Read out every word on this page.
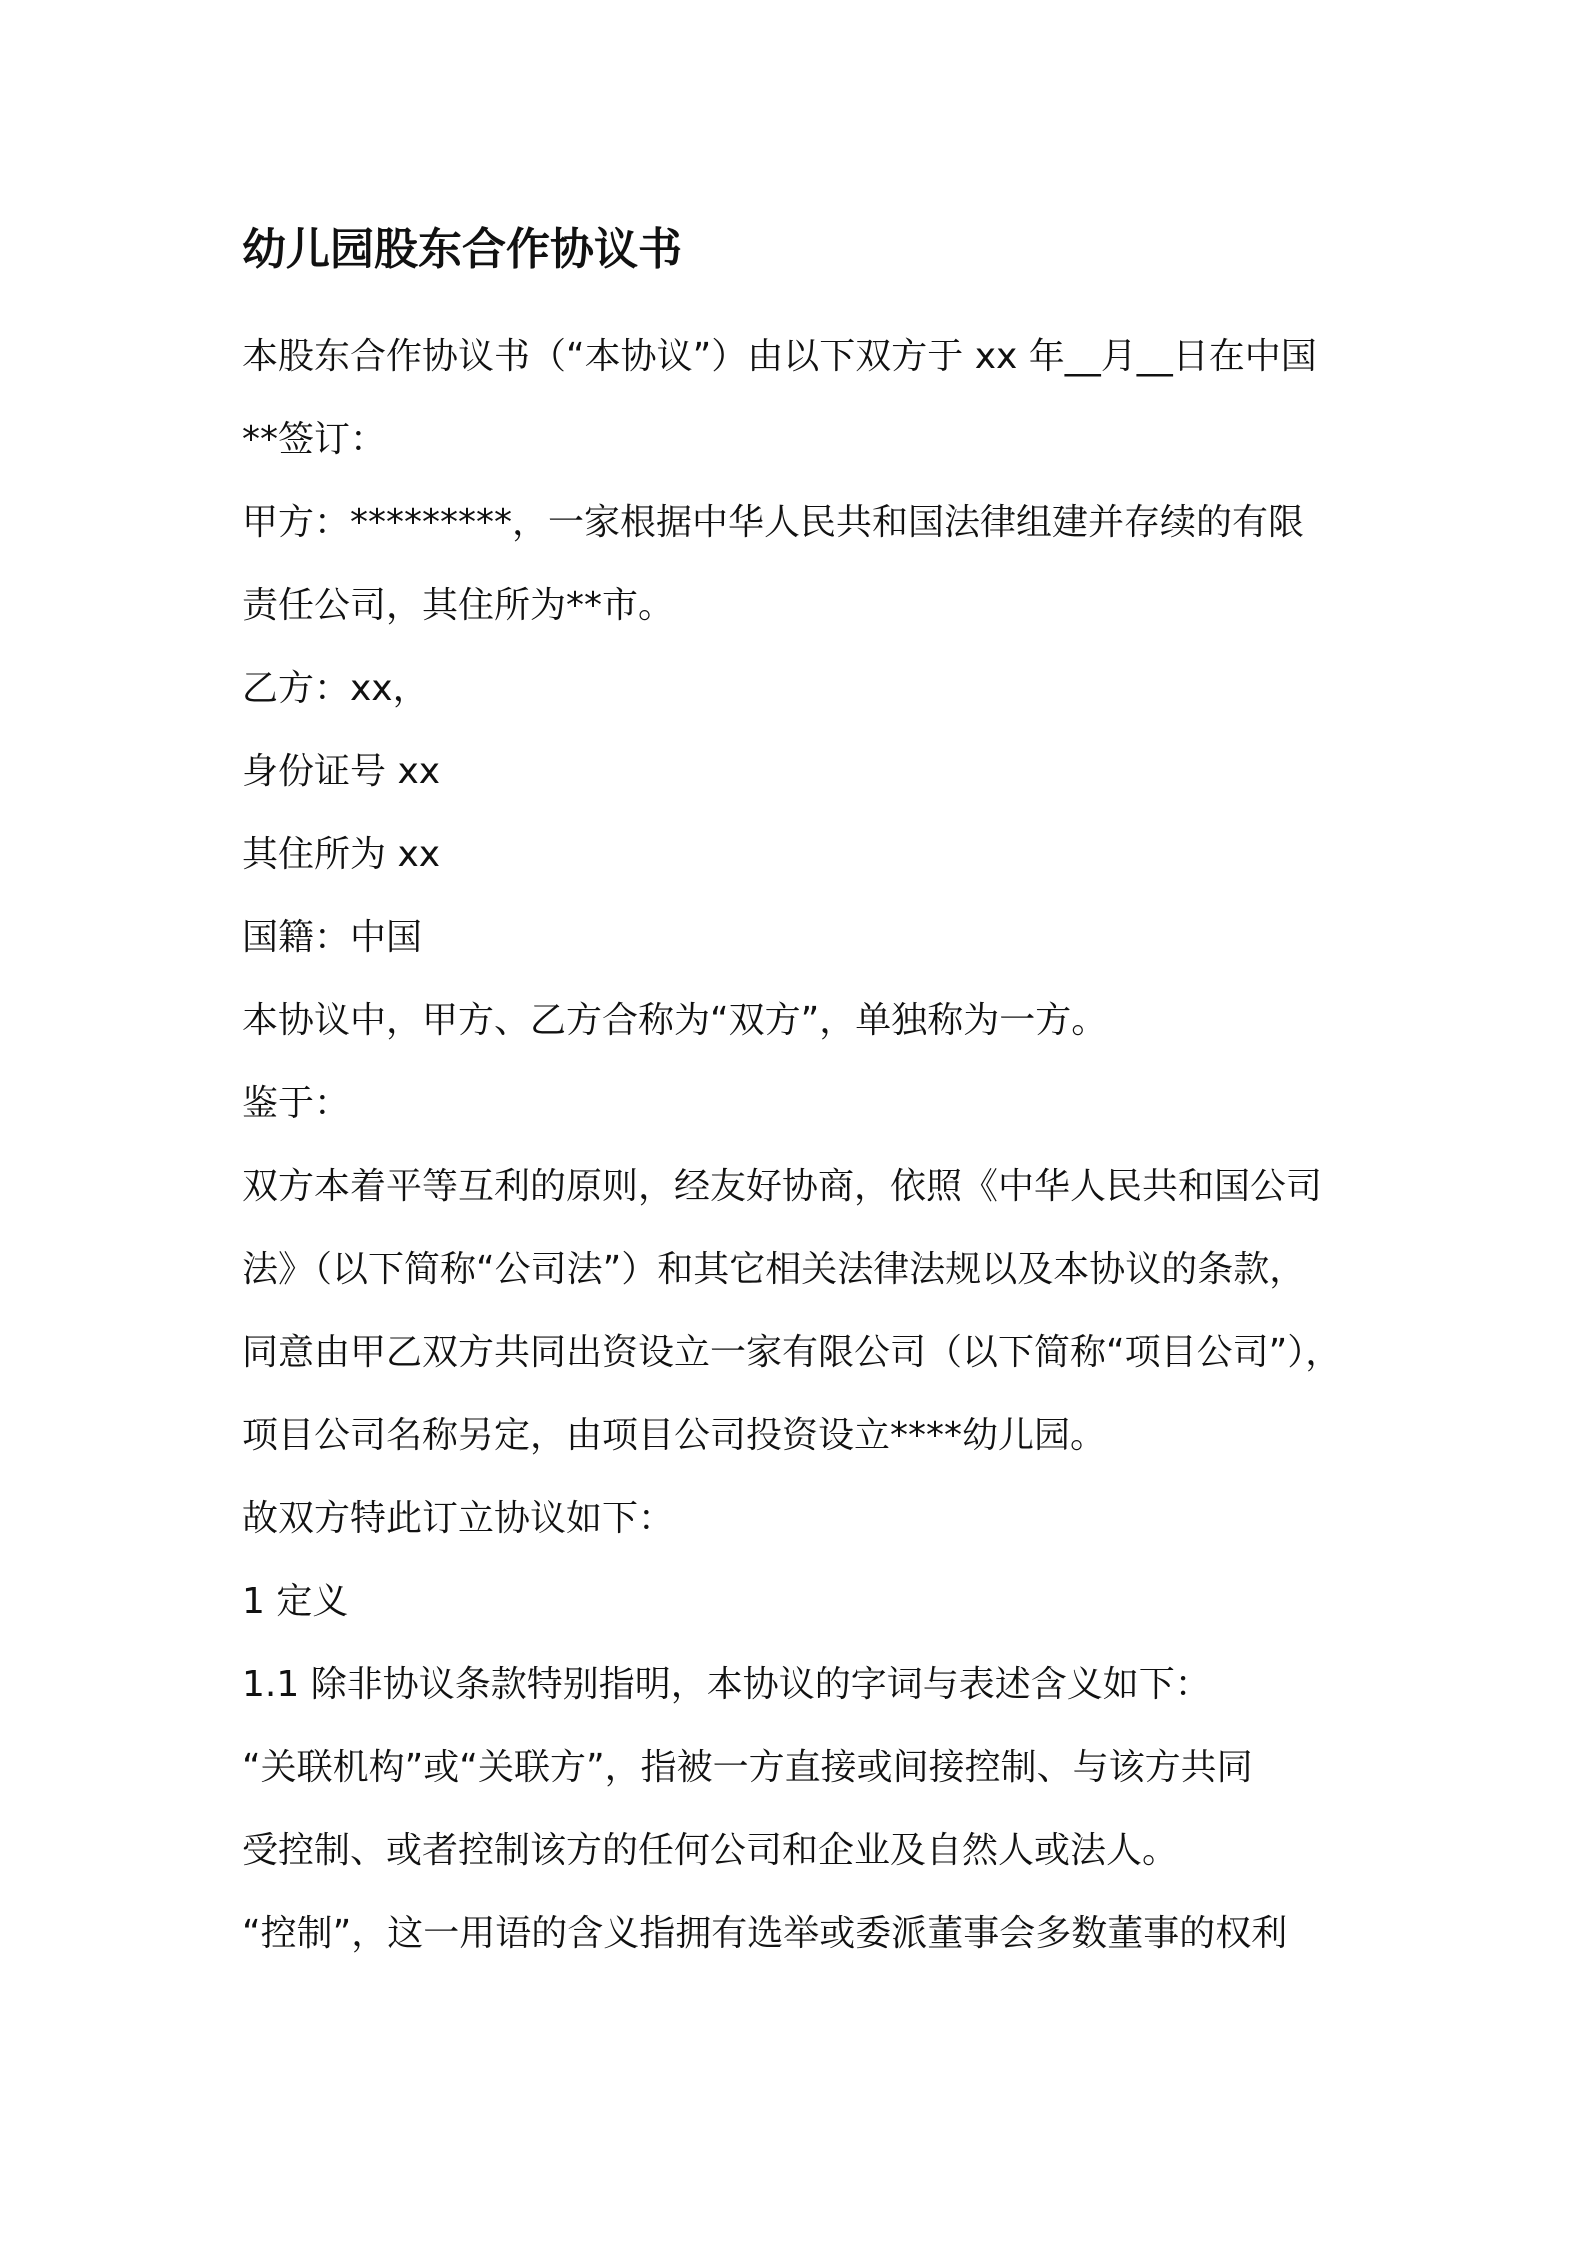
幼儿园股东合作协议书
本股东合作协议书（“本协议”）由以下双方于 xx 年__月__日在中国
**签订：
甲方：*********，一家根据中华人民共和国法律组建并存续的有限
责任公司，其住所为**市。
乙方：xx，
身份证号 xx
其住所为 xx
国籍：中国
本协议中，甲方、乙方合称为“双方”，单独称为一方。
鉴于：
双方本着平等互利的原则，经友好协商，依照《中华人民共和国公司
法》（以下简称“公司法”）和其它相关法律法规以及本协议的条款，
同意由甲乙双方共同出资设立一家有限公司（以下简称“项目公司”），
项目公司名称另定，由项目公司投资设立****幼儿园。
故双方特此订立协议如下：
1 定义
1.1 除非协议条款特别指明，本协议的字词与表述含义如下：
“关联机构”或“关联方”，指被一方直接或间接控制、与该方共同
受控制、或者控制该方的任何公司和企业及自然人或法人。
“控制”，这一用语的含义指拥有选举或委派董事会多数董事的权利
